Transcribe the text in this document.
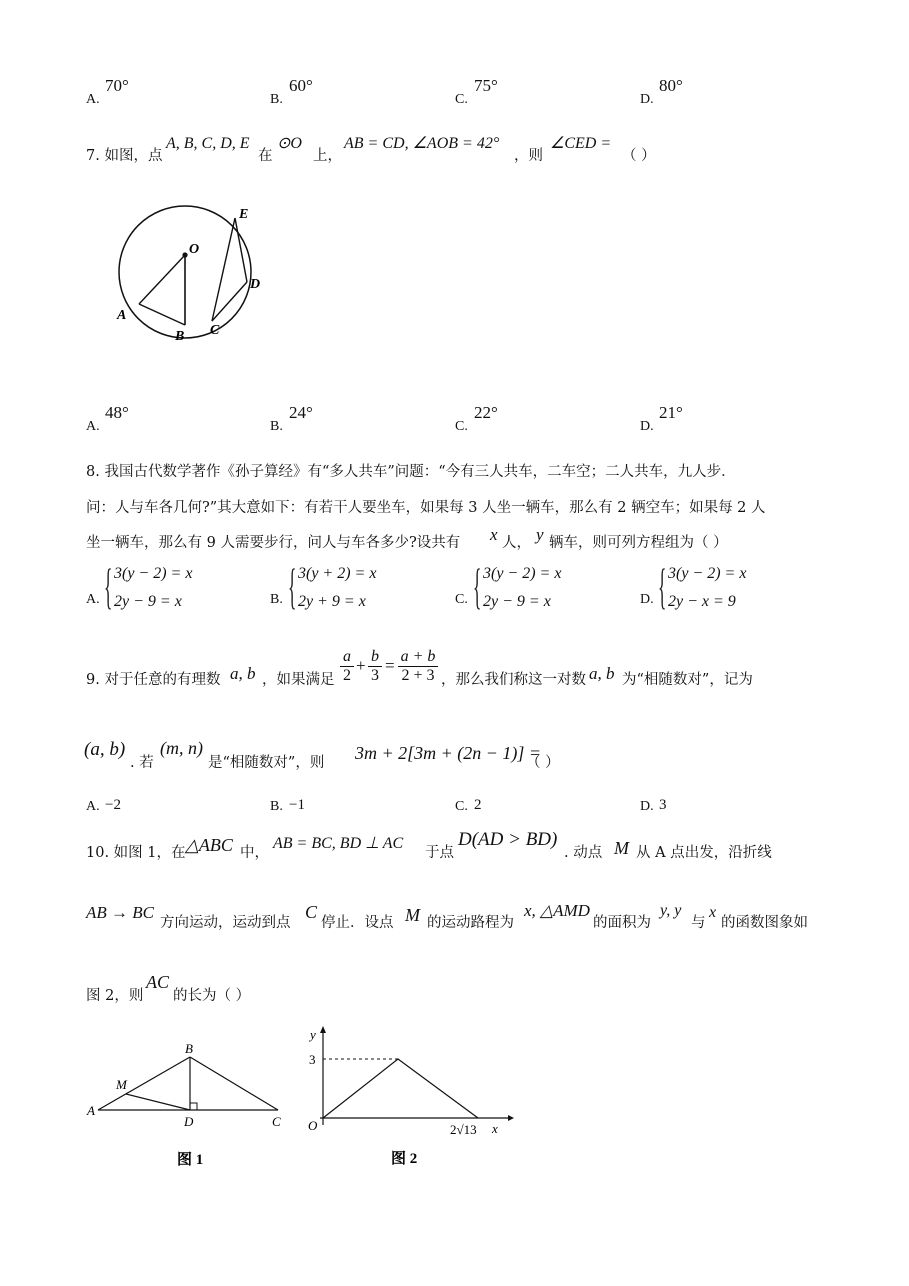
A.
70°
B.
60°
C.
75°
D.
80°
7. 如图，点
A, B, C, D, E
在
⊙O
上，
AB = CD, ∠AOB = 42°
，则
∠CED =
（ ）
O
A
B C
D
E
A.
48°
B.
24°
C.
22°
D.
21°
8. 我国古代数学著作《孙子算经》有“多人共车”问题：“今有三人共车，二车空；二人共车，九人步．
问：人与车各几何?”其大意如下：有若干人要坐车，如果每 3 人坐一辆车，那么有 2 辆空车；如果每 2 人
坐一辆车，那么有 9 人需要步行，问人与车各多少?设共有 x 人， y 辆车，则可列方程组为（ ）
A. { 3(y − 2) = x
2y − 9 = x	B. { 3(y + 2) = x
2y + 9 = x	C. { 3(y − 2) = x
2y − 9 = x	D. { 3(y − 2) = x
2y − x = 9
9. 对于任意的有理数 a, b ，如果满足
a
2
+ b
3
= a + b
2 + 3 ，那么我们称这一对数 a, b 为“相随数对”，记为
(a, b)
. 若
(m, n)
是“相随数对”，则 3m + 2[3m + (2n − 1)] =
（ ）
A. −2	B. −1	C. 2	D. 3
10. 如图 1，在 △ABC 中，
AB = BC, BD ⊥ AC
于点
D(AD > BD)
. 动点 M 从 A 点出发，沿折线
AB → BC
方向运动，运动到点
C
停止．设点 M 的运动路程为
x, △AMD
的面积为
y, y
与
x
的函数图象如
图 2，则
AC
的长为（ ）
A
B
C
D
M
图 1
y
x
O
3
2√13
图 2
